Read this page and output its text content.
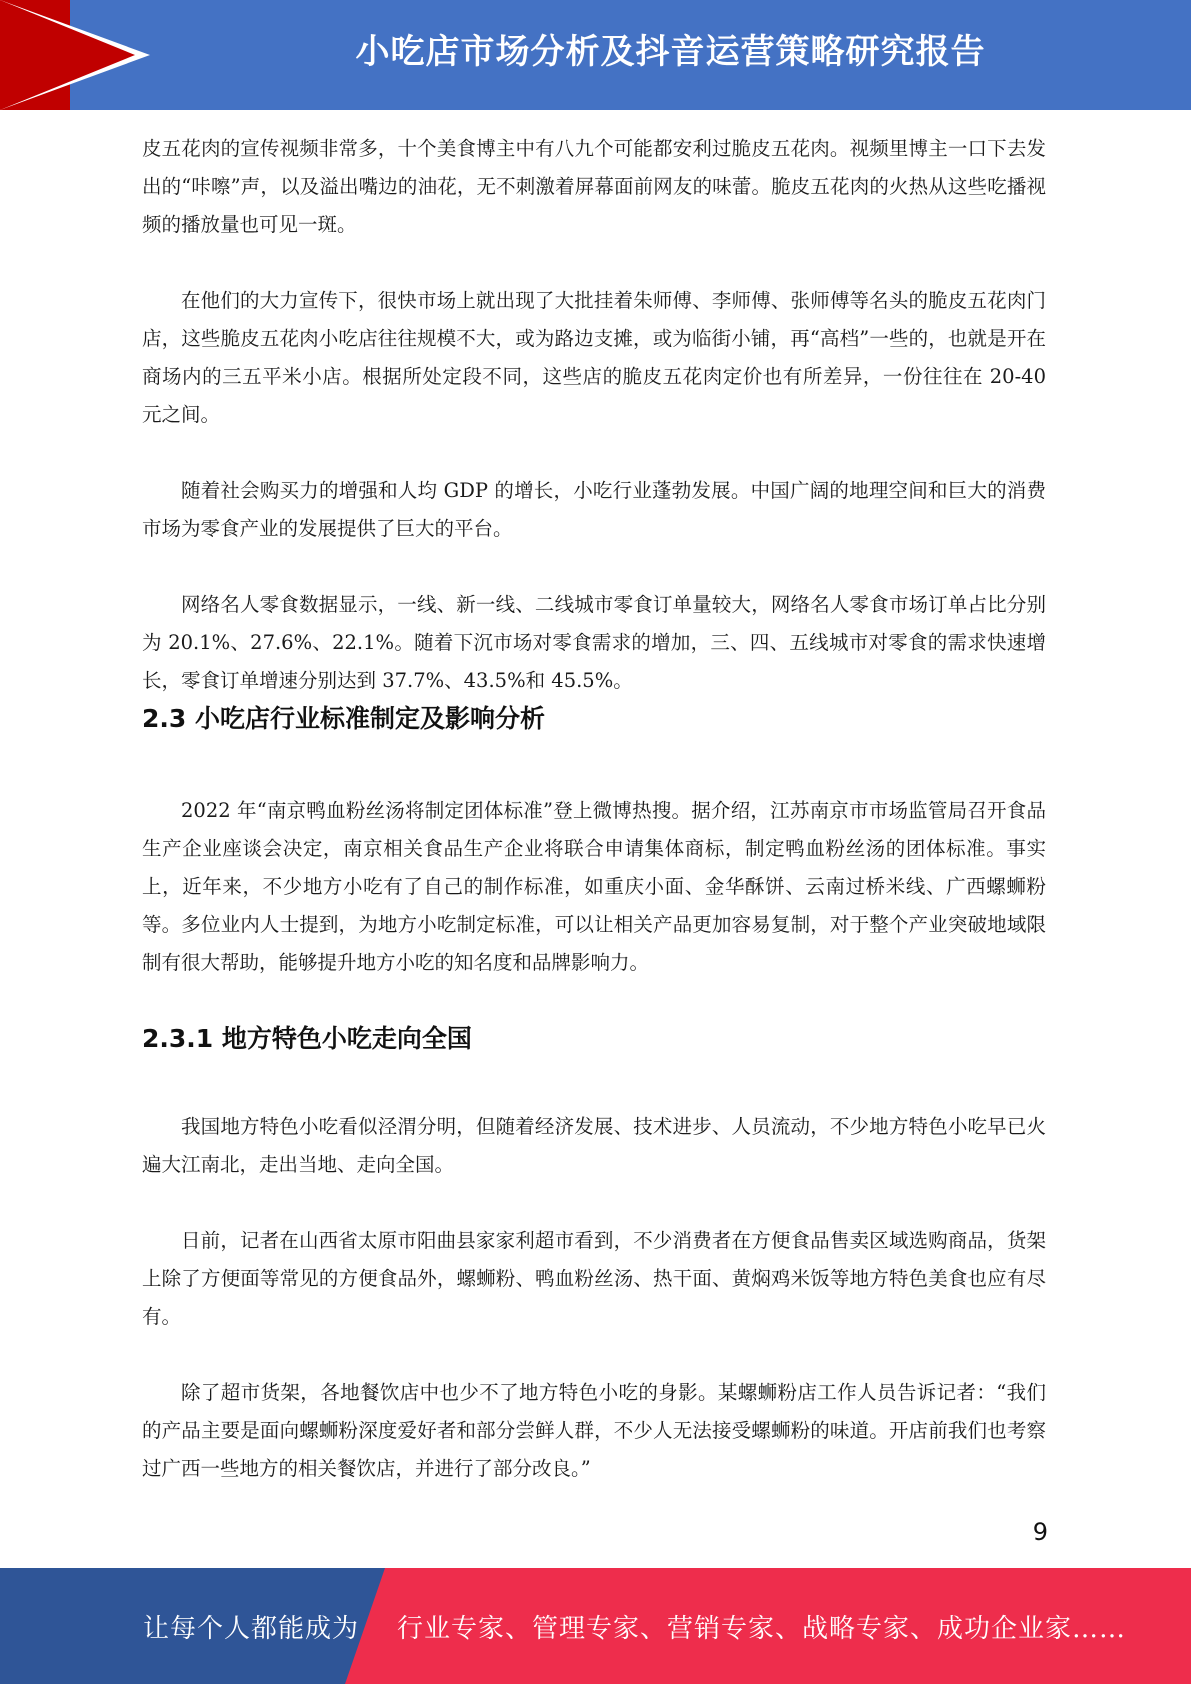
小吃店市场分析及抖音运营策略研究报告

皮五花肉的宣传视频非常多，十个美食博主中有八九个可能都安利过脆皮五花肉。视频里博主一口下去发出的“咔嚓”声，以及溢出嘴边的油花，无不刺激着屏幕面前网友的味蕾。脆皮五花肉的火热从这些吃播视频的播放量也可见一斑。

在他们的大力宣传下，很快市场上就出现了大批挂着朱师傅、李师傅、张师傅等名头的脆皮五花肉门店，这些脆皮五花肉小吃店往往规模不大，或为路边支摊，或为临街小铺，再“高档”一些的，也就是开在商场内的三五平米小店。根据所处定段不同，这些店的脆皮五花肉定价也有所差异，一份往往在 20-40 元之间。

随着社会购买力的增强和人均 GDP 的增长，小吃行业蓬勃发展。中国广阔的地理空间和巨大的消费市场为零食产业的发展提供了巨大的平台。

网络名人零食数据显示，一线、新一线、二线城市零食订单量较大，网络名人零食市场订单占比分别为 20.1%、27.6%、22.1%。随着下沉市场对零食需求的增加，三、四、五线城市对零食的需求快速增长，零食订单增速分别达到 37.7%、43.5%和 45.5%。

2.3 小吃店行业标准制定及影响分析

2022 年“南京鸭血粉丝汤将制定团体标准”登上微博热搜。据介绍，江苏南京市市场监管局召开食品生产企业座谈会决定，南京相关食品生产企业将联合申请集体商标，制定鸭血粉丝汤的团体标准。事实上，近年来，不少地方小吃有了自己的制作标准，如重庆小面、金华酥饼、云南过桥米线、广西螺蛳粉等。多位业内人士提到，为地方小吃制定标准，可以让相关产品更加容易复制，对于整个产业突破地域限制有很大帮助，能够提升地方小吃的知名度和品牌影响力。

2.3.1 地方特色小吃走向全国

我国地方特色小吃看似泾渭分明，但随着经济发展、技术进步、人员流动，不少地方特色小吃早已火遍大江南北，走出当地、走向全国。

日前，记者在山西省太原市阳曲县家家利超市看到，不少消费者在方便食品售卖区域选购商品，货架上除了方便面等常见的方便食品外，螺蛳粉、鸭血粉丝汤、热干面、黄焖鸡米饭等地方特色美食也应有尽有。

除了超市货架，各地餐饮店中也少不了地方特色小吃的身影。某螺蛳粉店工作人员告诉记者：“我们的产品主要是面向螺蛳粉深度爱好者和部分尝鲜人群，不少人无法接受螺蛳粉的味道。开店前我们也考察过广西一些地方的相关餐饮店，并进行了部分改良。”

9
让每个人都能成为 行业专家、管理专家、营销专家、战略专家、成功企业家……
